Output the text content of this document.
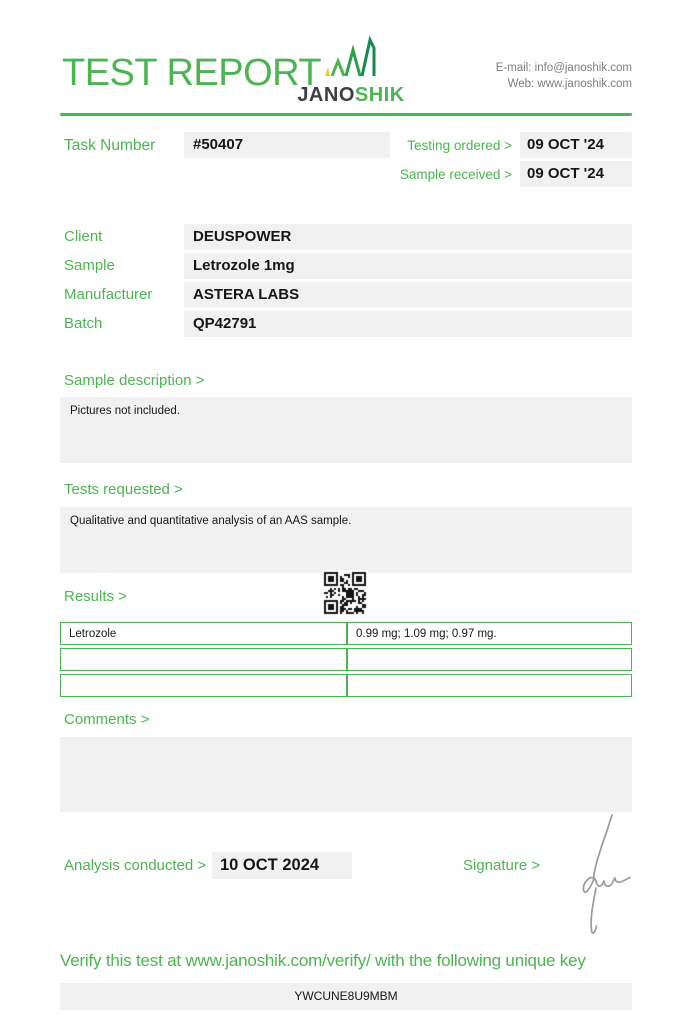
TEST REPORT
JANOSHIK
E-mail: info@janoshik.com
Web: www.janoshik.com
Task Number	#50407	Testing ordered >	09 OCT '24
Sample received >	09 OCT '24
Client	DEUSPOWER
Sample	Letrozole 1mg
Manufacturer	ASTERA LABS
Batch	QP42791
Sample description >
Pictures not included.
Tests requested >
Qualitative and quantitative analysis of an AAS sample.
Results >
Letrozole	0.99 mg; 1.09 mg; 0.97 mg.

Comments >
Analysis conducted > 10 OCT 2024	Signature >
Verify this test at www.janoshik.com/verify/ with the following unique key
YWCUNE8U9MBM
